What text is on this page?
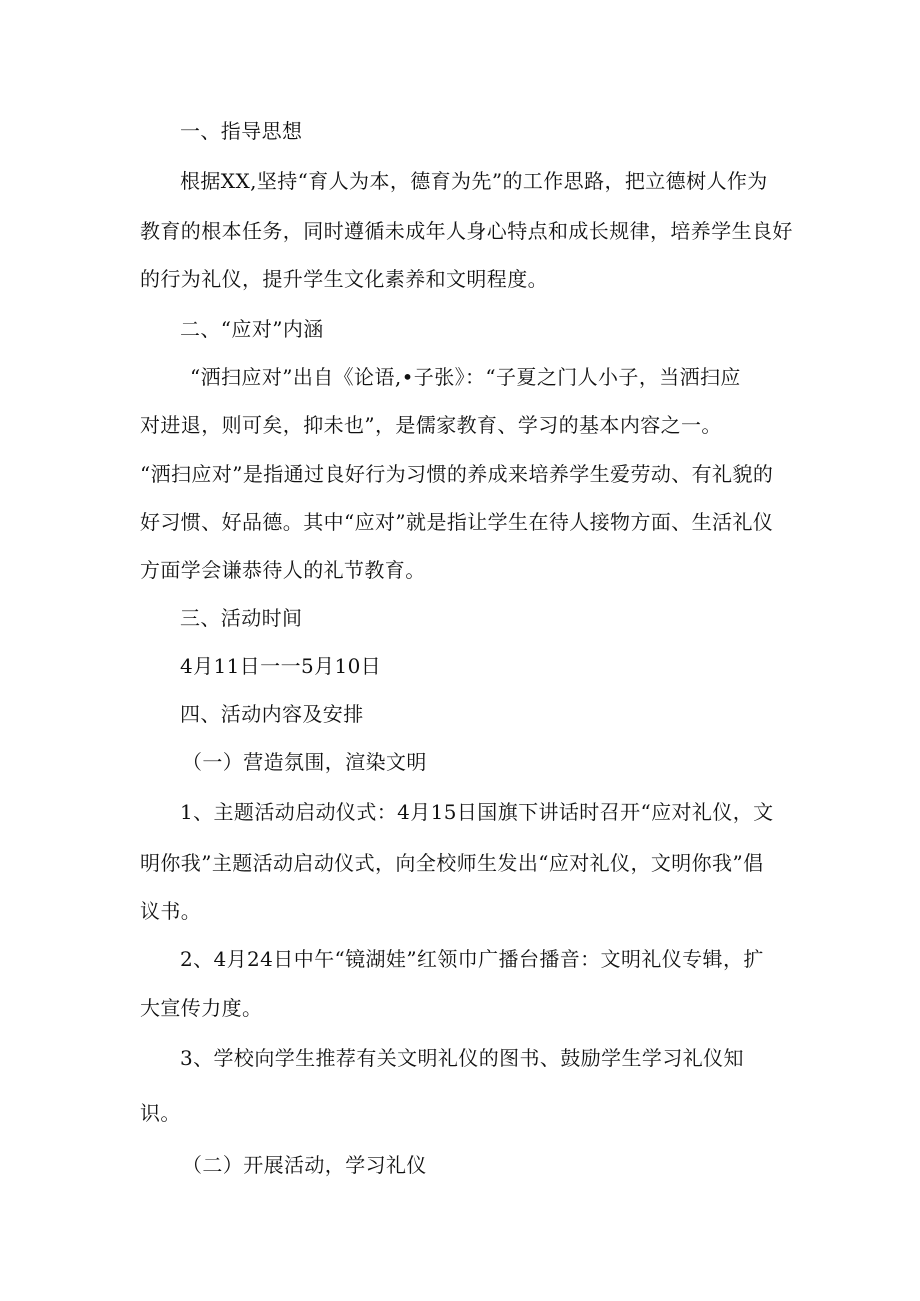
一、指导思想
根据XX,坚持“育人为本，德育为先”的工作思路，把立德树人作为
教育的根本任务，同时遵循未成年人身心特点和成长规律，培养学生良好
的行为礼仪，提升学生文化素养和文明程度。
二、“应对”内涵
“洒扫应对”出自《论语,•子张》：“子夏之门人小子，当洒扫应
对进退，则可矣，抑未也”，是儒家教育、学习的基本内容之一。
“洒扫应对”是指通过良好行为习惯的养成来培养学生爱劳动、有礼貌的
好习惯、好品德。其中“应对”就是指让学生在待人接物方面、生活礼仪
方面学会谦恭待人的礼节教育。
三、活动时间
4月11日一一5月10日
四、活动内容及安排
（一）营造氛围，渲染文明
1、主题活动启动仪式：4月15日国旗下讲话时召开“应对礼仪，文
明你我”主题活动启动仪式，向全校师生发出“应对礼仪，文明你我”倡
议书。
2、4月24日中午“镜湖娃”红领巾广播台播音：文明礼仪专辑，扩
大宣传力度。
3、学校向学生推荐有关文明礼仪的图书、鼓励学生学习礼仪知
识。
（二）开展活动，学习礼仪
